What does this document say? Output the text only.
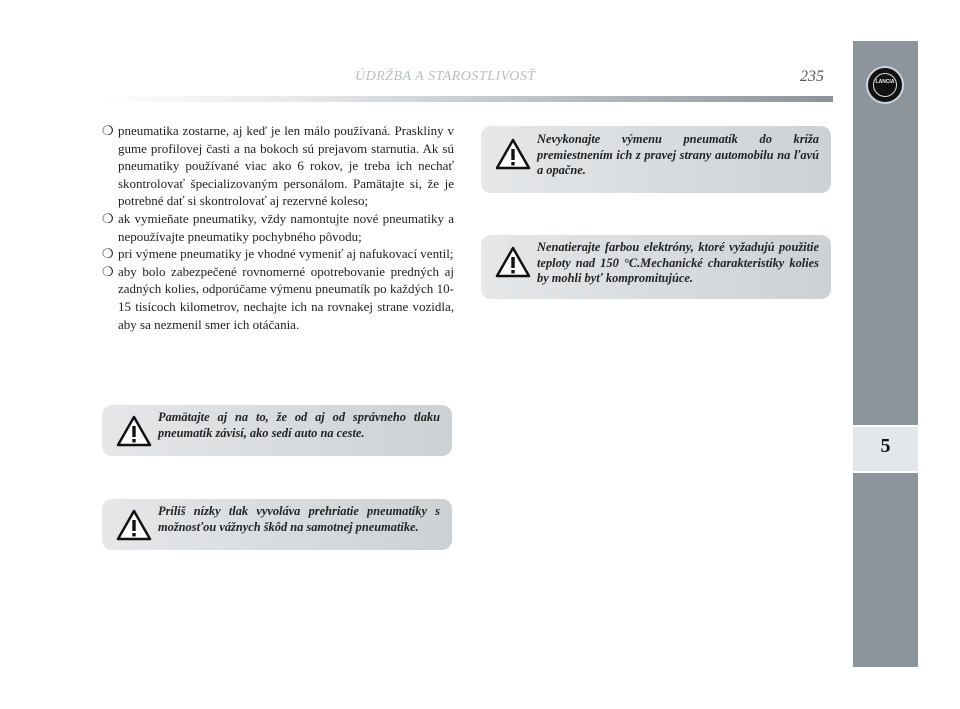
ÚDRŽBA A STAROSTLIVOSŤ	235	LANCIA
5
❍ pneumatika zostarne, aj keď je len málo používaná. Praskliny v gume profilovej časti a na bokoch sú prejavom starnutia. Ak sú pneumatiky používané viac ako 6 rokov, je treba ich nechať skontrolovať špecializovaným personálom. Pamätajte si, že je potrebné dať si skontrolovať aj rezervné koleso;
❍ ak vymieňate pneumatiky, vždy namontujte nové pneumatiky a nepoužívajte pneumatiky pochybného pôvodu;
❍ pri výmene pneumatiky je vhodné vymeniť aj nafukovací ventil;
❍ aby bolo zabezpečené rovnomerné opotrebovanie predných aj zadných kolies, odporúčame výmenu pneumatík po každých 10-15 tisícoch kilometrov, nechajte ich na rovnakej strane vozidla, aby sa nezmenil smer ich otáčania.
Pamätajte aj na to, že od aj od správneho tlaku pneumatík závisí, ako sedí auto na ceste.
Príliš nízky tlak vyvoláva prehriatie pneumatiky s možnosťou vážnych škôd na samotnej pneumatike.
Nevykonajte výmenu pneumatík do kríža premiestnením ich z pravej strany automobilu na ľavú a opačne.
Nenatierajte farbou elektróny, ktoré vyžadujú použitie teploty nad 150 °C.Mechanické charakteristiky kolies by mohli byť kompromitujúce.
